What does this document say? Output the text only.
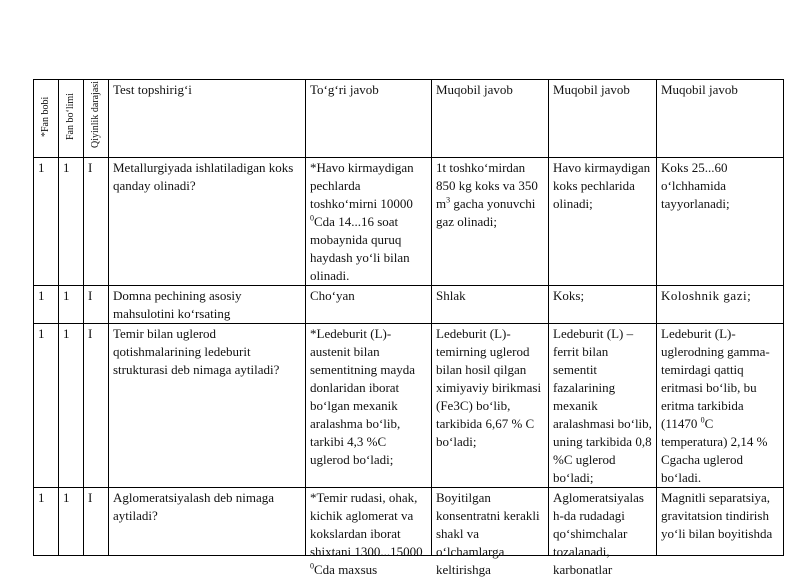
*Fan bobi	Fan bo‘limi	Qiyinlik darajasi	Test topshirig‘i	To‘g‘ri javob	Muqobil javob	Muqobil javob	Muqobil javob
1	1	I	Metallurgiyada ishlatiladigan koks qanday olinadi?	*Havo kirmaydigan pechlarda toshko‘mirni 10000 $^0$Cda 14...16 soat mobaynida quruq haydash yo‘li bilan olinadi.	1t toshko‘mirdan 850 kg koks va 350 $m^3$ gacha yonuvchi gaz olinadi;	Havo kirmaydigan koks pechlarida olinadi;	Koks 25...60 o‘lchhamida tayyorlanadi;
1	1	I	Domna pechining asosiy mahsulotini ko‘rsating	Cho‘yan	Shlak	Koks;	Koloshnik gazi;
1	1	I	Temir bilan uglerod qotishmalarining ledeburit strukturasi deb nimaga aytiladi?	*Ledeburit (L)-austenit bilan sementitning mayda donlaridan iborat bo‘lgan mexanik aralashma bo‘lib, tarkibi 4,3 %C uglerod bo‘ladi;	Ledeburit (L)-temirning uglerod bilan hosil qilgan ximiyaviy birikmasi (Fe3C) bo‘lib, tarkibida 6,67 % C bo‘ladi;	Ledeburit (L) – ferrit bilan sementit fazalarining mexanik aralashmasi bo‘lib, uning tarkibida 0,8 %C uglerod bo‘ladi;	Ledeburit (L)-uglerodning gamma-temirdagi qattiq eritmasi bo‘lib, bu eritma tarkibida (11470 $^0$C temperatura) 2,14 % Cgacha uglerod bo‘ladi.
1	1	I	Aglomeratsiyalash deb nimaga aytiladi?	*Temir rudasi, ohak, kichik aglomerat va kokslardan iborat shixtani 1300...15000 $^0$Cda maxsus	Boyitilgan konsentratni kerakli shakl va o‘lchamlarga keltirishga	Aglomeratsiyalas h-da rudadagi qo‘shimchalar tozalanadi, karbonatlar	Magnitli separatsiya, gravitatsion tindirish yo‘li bilan boyitishda
